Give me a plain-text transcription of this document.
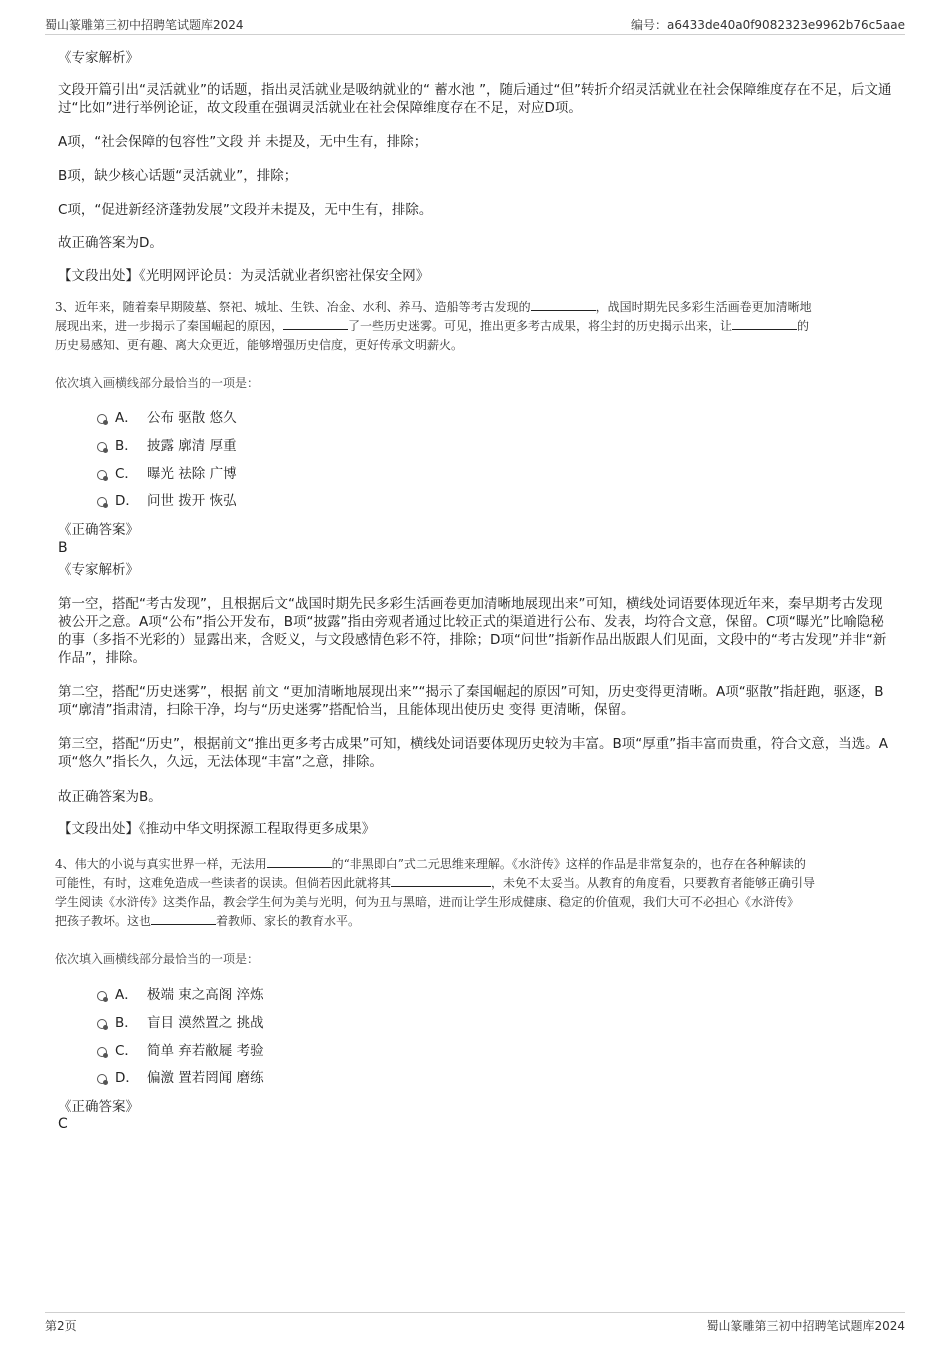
蜀山篆雕第三初中招聘笔试题库2024	编号：a6433de40a0f9082323e9962b76c5aae
《专家解析》
文段开篇引出“灵活就业”的话题，指出灵活就业是吸纳就业的“ 蓄水池 ”，随后通过“但”转折介绍灵活就业在社会保障维度存在不足，后文通过“比如”进行举例论证，故文段重在强调灵活就业在社会保障维度存在不足，对应D项。
A项，“社会保障的包容性”文段 并 未提及，无中生有，排除；
B项，缺少核心话题“灵活就业”，排除；
C项，“促进新经济蓬勃发展”文段并未提及，无中生有，排除。
故正确答案为D。
【文段出处】《光明网评论员：为灵活就业者织密社保安全网》
3、近年来，随着秦早期陵墓、祭祀、城址、生铁、冶金、水利、养马、造船等考古发现的	，战国时期先民多彩生活画卷更加清晰地
展现出来，进一步揭示了秦国崛起的原因，	了一些历史迷雾。可见，推出更多考古成果，将尘封的历史揭示出来，让	的
历史易感知、更有趣、离大众更近，能够增强历史信度，更好传承文明薪火。
依次填入画横线部分最恰当的一项是：
A． 公布 驱散 悠久
B． 披露 廓清 厚重
C． 曝光 祛除 广博
D． 问世 拨开 恢弘
《正确答案》
B
《专家解析》
第一空，搭配“考古发现”，且根据后文“战国时期先民多彩生活画卷更加清晰地展现出来”可知，横线处词语要体现近年来，秦早期考古发现被公开之意。A项“公布”指公开发布，B项“披露”指由旁观者通过比较正式的渠道进行公布、发表，均符合文意，保留。C项“曝光”比喻隐秘的事（多指不光彩的）显露出来，含贬义，与文段感情色彩不符，排除；D项“问世”指新作品出版跟人们见面，文段中的“考古发现”并非“新作品”，排除。
第二空，搭配“历史迷雾”，根据 前文 “更加清晰地展现出来”“揭示了秦国崛起的原因”可知，历史变得更清晰。A项“驱散”指赶跑，驱逐，B项“廓清”指肃清，扫除干净，均与“历史迷雾”搭配恰当，且能体现出使历史 变得 更清晰，保留。
第三空，搭配“历史”，根据前文“推出更多考古成果”可知，横线处词语要体现历史较为丰富。B项“厚重”指丰富而贵重，符合文意，当选。A项“悠久”指长久，久远，无法体现“丰富”之意，排除。
故正确答案为B。
【文段出处】《推动中华文明探源工程取得更多成果》
4、伟大的小说与真实世界一样，无法用	的“非黑即白”式二元思维来理解。《水浒传》这样的作品是非常复杂的，也存在各种解读的
可能性，有时，这难免造成一些读者的误读。但倘若因此就将其	，未免不太妥当。从教育的角度看，只要教育者能够正确引导
学生阅读《水浒传》这类作品，教会学生何为美与光明，何为丑与黑暗，进而让学生形成健康、稳定的价值观，我们大可不必担心《水浒传》
把孩子教坏。这也	着教师、家长的教育水平。
依次填入画横线部分最恰当的一项是：
A． 极端 束之高阁 淬炼
B． 盲目 漠然置之 挑战
C． 简单 弃若敝屣 考验
D． 偏激 置若罔闻 磨练
《正确答案》
C
第2页	蜀山篆雕第三初中招聘笔试题库2024
